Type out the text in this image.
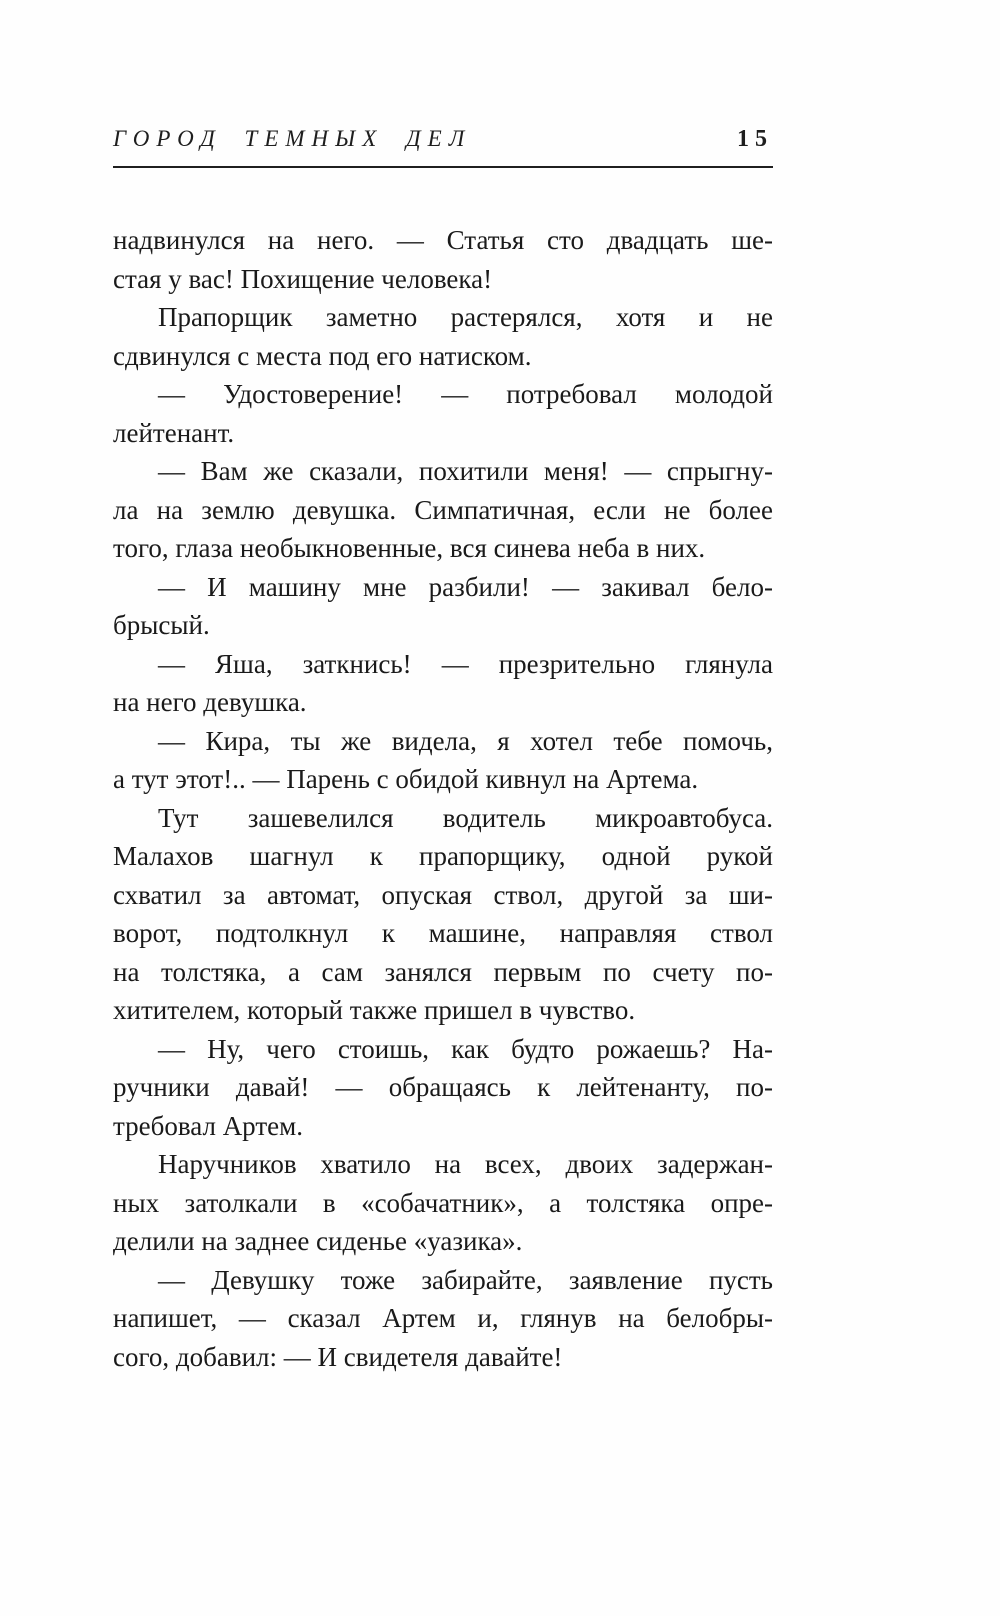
ГОРОД ТЕМНЫХ ДЕЛ	15

надвинулся на него. — Статья сто двадцать ше-
стая у вас! Похищение человека!

Прапорщик заметно растерялся, хотя и не
сдвинулся с места под его натиском.

— Удостоверение! — потребовал молодой
лейтенант.

— Вам же сказали, похитили меня! — спрыгну-
ла на землю девушка. Симпатичная, если не более
того, глаза необыкновенные, вся синева неба в них.

— И машину мне разбили! — закивал бело-
брысый.

— Яша, заткнись! — презрительно глянула
на него девушка.

— Кира, ты же видела, я хотел тебе помочь,
а тут этот!.. — Парень с обидой кивнул на Артема.

Тут зашевелился водитель микроавтобуса.
Малахов шагнул к прапорщику, одной рукой
схватил за автомат, опуская ствол, другой за ши-
ворот, подтолкнул к машине, направляя ствол
на толстяка, а сам занялся первым по счету по-
хитителем, который также пришел в чувство.

— Ну, чего стоишь, как будто рожаешь? На-
ручники давай! — обращаясь к лейтенанту, по-
требовал Артем.

Наручников хватило на всех, двоих задержан-
ных затолкали в «собачатник», а толстяка опре-
делили на заднее сиденье «уазика».

— Девушку тоже забирайте, заявление пусть
напишет, — сказал Артем и, глянув на белобры-
сого, добавил: — И свидетеля давайте!
